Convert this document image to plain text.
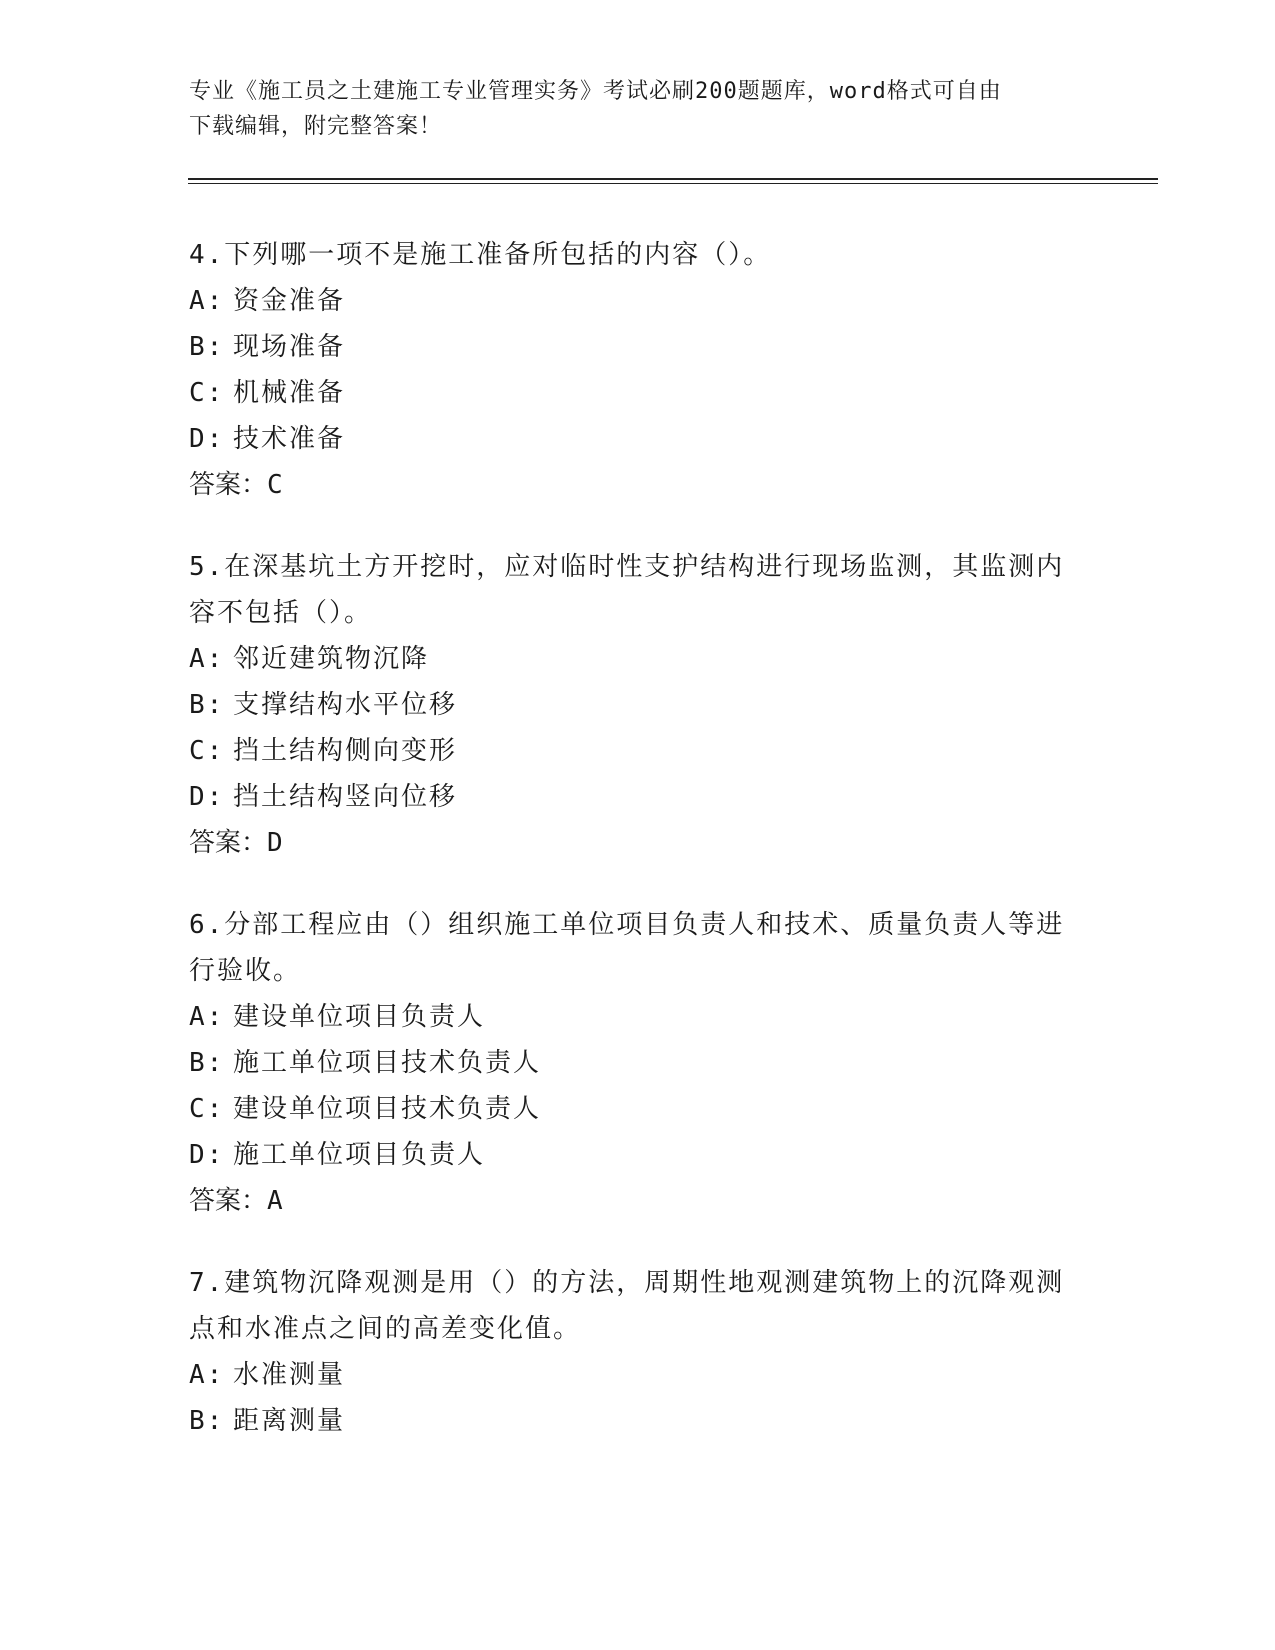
专业《施工员之土建施工专业管理实务》考试必刷200题题库，word格式可自由
下载编辑，附完整答案！

4.下列哪一项不是施工准备所包括的内容（）。

A: 资金准备

B: 现场准备

C: 机械准备

D: 技术准备

答案：C

5.在深基坑土方开挖时，应对临时性支护结构进行现场监测，其监测内容不包括（）。

A: 邻近建筑物沉降

B: 支撑结构水平位移

C: 挡土结构侧向变形

D: 挡土结构竖向位移

答案：D

6.分部工程应由（）组织施工单位项目负责人和技术、质量负责人等进行验收。

A: 建设单位项目负责人

B: 施工单位项目技术负责人

C: 建设单位项目技术负责人

D: 施工单位项目负责人

答案：A

7.建筑物沉降观测是用（）的方法，周期性地观测建筑物上的沉降观测点和水准点之间的高差变化值。

A: 水准测量

B: 距离测量
